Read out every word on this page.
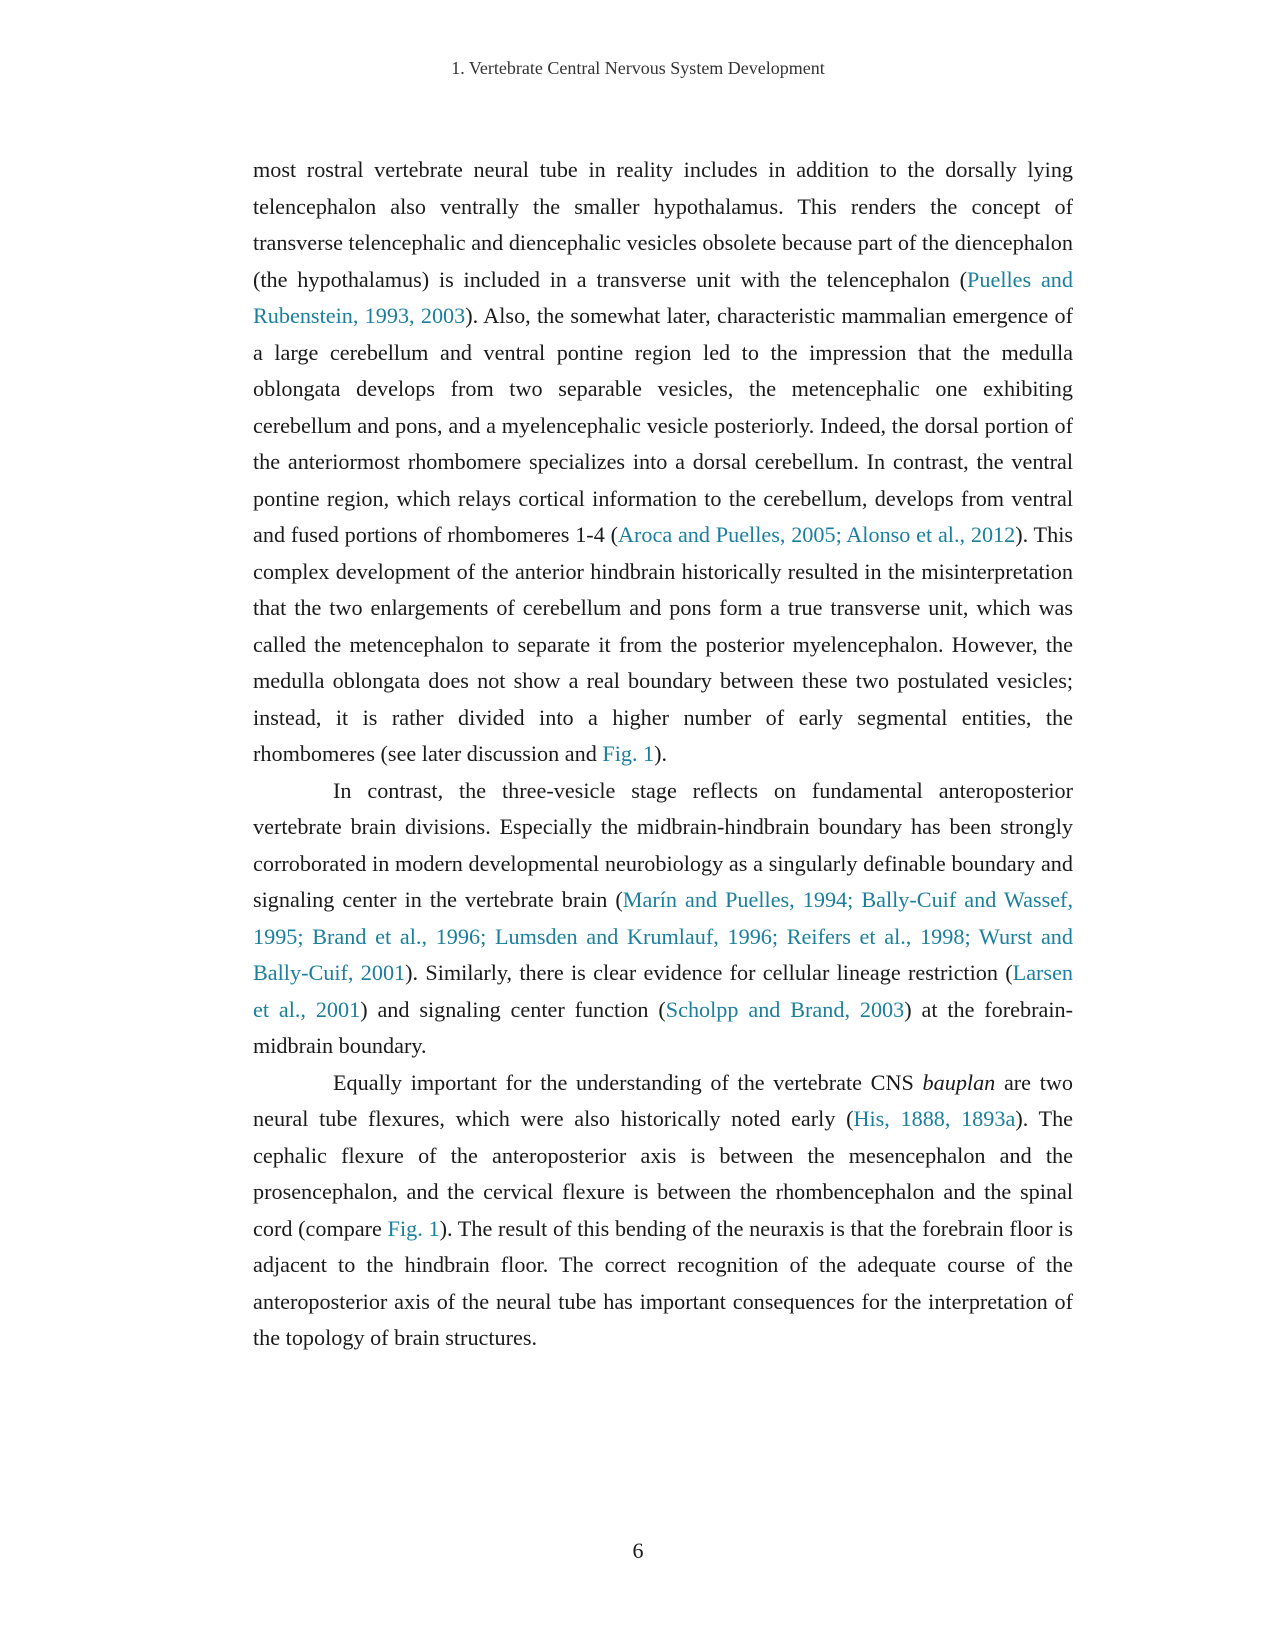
1. Vertebrate Central Nervous System Development

most rostral vertebrate neural tube in reality includes in addition to the dorsally lying telencephalon also ventrally the smaller hypothalamus. This renders the concept of transverse telencephalic and diencephalic vesicles obsolete because part of the diencephalon (the hypothalamus) is included in a transverse unit with the telencephalon (Puelles and Rubenstein, 1993, 2003). Also, the somewhat later, characteristic mammalian emergence of a large cerebellum and ventral pontine region led to the impression that the medulla oblongata develops from two separable vesicles, the metencephalic one exhibiting cerebellum and pons, and a myelencephalic vesicle posteriorly. Indeed, the dorsal portion of the anteriormost rhombomere specializes into a dorsal cerebellum. In contrast, the ventral pontine region, which relays cortical information to the cerebellum, develops from ventral and fused portions of rhombomeres 1-4 (Aroca and Puelles, 2005; Alonso et al., 2012). This complex development of the anterior hindbrain historically resulted in the misinterpretation that the two enlargements of cerebellum and pons form a true transverse unit, which was called the metencephalon to separate it from the posterior myelencephalon. However, the medulla oblongata does not show a real boundary between these two postulated vesicles; instead, it is rather divided into a higher number of early segmental entities, the rhombomeres (see later discussion and Fig. 1).

In contrast, the three-vesicle stage reflects on fundamental anteroposterior vertebrate brain divisions. Especially the midbrain-hindbrain boundary has been strongly corroborated in modern developmental neurobiology as a singularly definable boundary and signaling center in the vertebrate brain (Marín and Puelles, 1994; Bally-Cuif and Wassef, 1995; Brand et al., 1996; Lumsden and Krumlauf, 1996; Reifers et al., 1998; Wurst and Bally-Cuif, 2001). Similarly, there is clear evidence for cellular lineage restriction (Larsen et al., 2001) and signaling center function (Scholpp and Brand, 2003) at the forebrain-midbrain boundary.

Equally important for the understanding of the vertebrate CNS bauplan are two neural tube flexures, which were also historically noted early (His, 1888, 1893a). The cephalic flexure of the anteroposterior axis is between the mesencephalon and the prosencephalon, and the cervical flexure is between the rhombencephalon and the spinal cord (compare Fig. 1). The result of this bending of the neuraxis is that the forebrain floor is adjacent to the hindbrain floor. The correct recognition of the adequate course of the anteroposterior axis of the neural tube has important consequences for the interpretation of the topology of brain structures.

6
